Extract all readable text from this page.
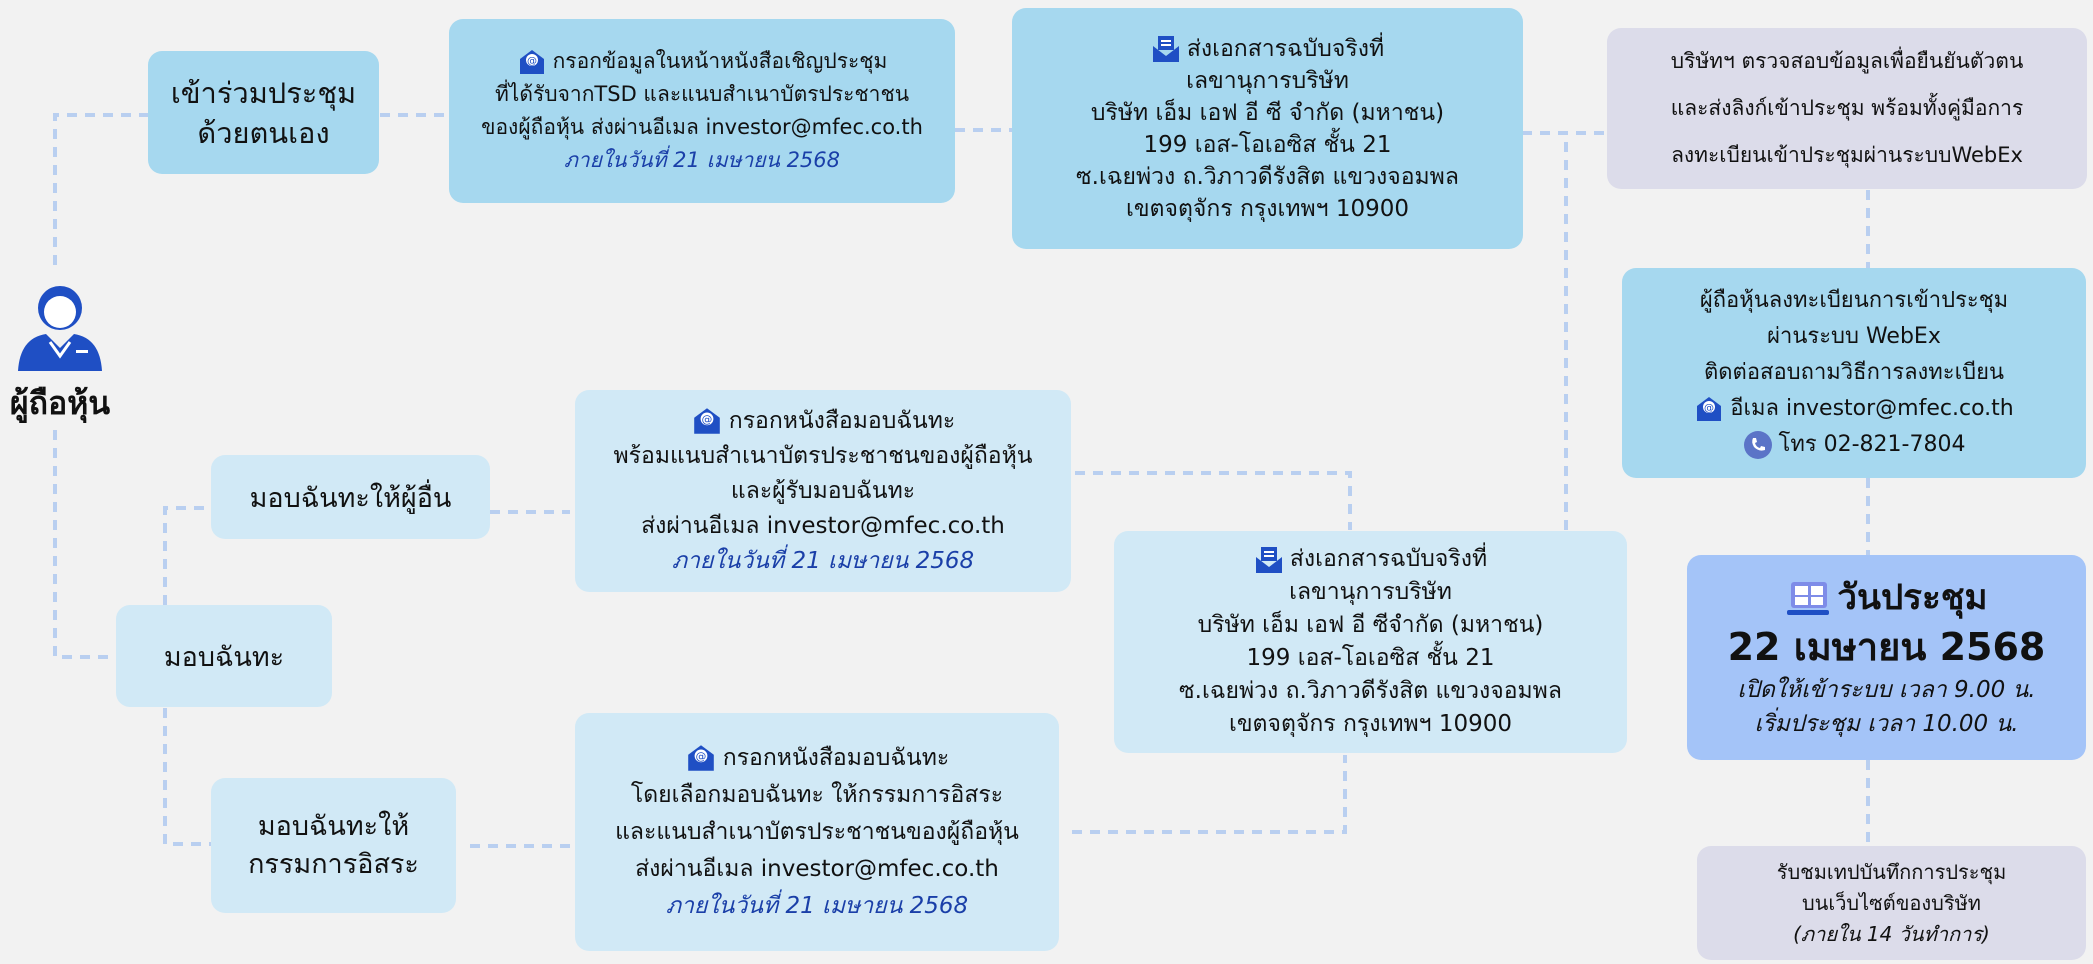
ผู้ถือหุ้น
เข้าร่วมประชุม
ด้วยตนเอง
@ กรอกข้อมูลในหน้าหนังสือเชิญประชุม
ที่ได้รับจากTSD และแนบสำเนาบัตรประชาชน
ของผู้ถือหุ้น ส่งผ่านอีเมล investor@mfec.co.th
ภายในวันที่ 21 เมษายน 2568
ส่งเอกสารฉบับจริงที่
เลขานุการบริษัท
บริษัท เอ็ม เอฟ อี ซี จำกัด (มหาชน)
199 เอส-โอเอซิส ชั้น 21
ซ.เฉยพ่วง ถ.วิภาวดีรังสิต แขวงจอมพล
เขตจตุจักร กรุงเทพฯ 10900
บริษัทฯ ตรวจสอบข้อมูลเพื่อยืนยันตัวตน
และส่งลิงก์เข้าประชุม พร้อมทั้งคู่มือการ
ลงทะเบียนเข้าประชุมผ่านระบบWebEx
ผู้ถือหุ้นลงทะเบียนการเข้าประชุม
ผ่านระบบ WebEx
ติดต่อสอบถามวิธีการลงทะเบียน
@ อีเมล investor@mfec.co.th
โทร 02-821-7804
วันประชุม
22 เมษายน 2568
เปิดให้เข้าระบบ เวลา 9.00 น.
เริ่มประชุม เวลา 10.00 น.
รับชมเทปบันทึกการประชุม
บนเว็บไซต์ของบริษัท
(ภายใน 14 วันทำการ)
มอบฉันทะ
มอบฉันทะให้ผู้อื่น
@ กรอกหนังสือมอบฉันทะ
พร้อมแนบสำเนาบัตรประชาชนของผู้ถือหุ้น
และผู้รับมอบฉันทะ
ส่งผ่านอีเมล investor@mfec.co.th
ภายในวันที่ 21 เมษายน 2568
มอบฉันทะให้
กรรมการอิสระ
@ กรอกหนังสือมอบฉันทะ
โดยเลือกมอบฉันทะ ให้กรรมการอิสระ
และแนบสำเนาบัตรประชาชนของผู้ถือหุ้น
ส่งผ่านอีเมล investor@mfec.co.th
ภายในวันที่ 21 เมษายน 2568
ส่งเอกสารฉบับจริงที่
เลขานุการบริษัท
บริษัท เอ็ม เอฟ อี ซีจำกัด (มหาชน)
199 เอส-โอเอซิส ชั้น 21
ซ.เฉยพ่วง ถ.วิภาวดีรังสิต แขวงจอมพล
เขตจตุจักร กรุงเทพฯ 10900
